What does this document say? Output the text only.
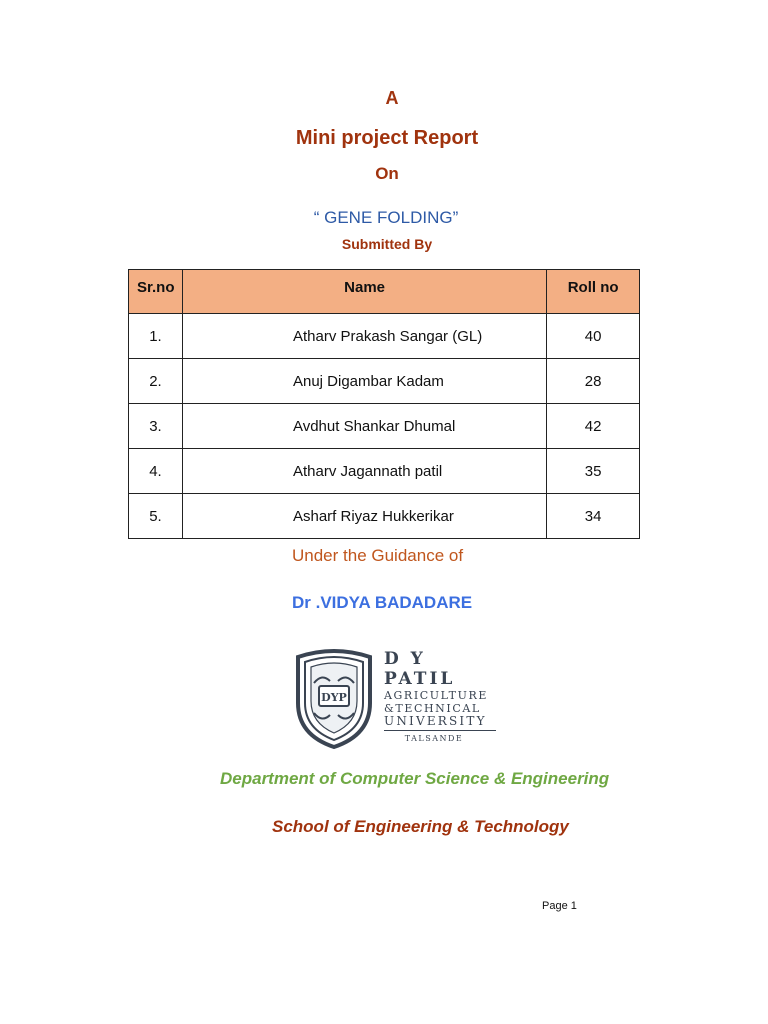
A
Mini project Report
On
“ GENE FOLDING”
Submitted By
Sr.no	Name	Roll no
1.	Atharv Prakash Sangar (GL)	40
2.	Anuj Digambar Kadam	28
3.	Avdhut Shankar Dhumal	42
4.	Atharv Jagannath patil	35
5.	Asharf Riyaz Hukkerikar	34
Under the Guidance of
Dr .VIDYA BADADARE
DYP
D Y PATIL
AGRICULTURE
&TECHNICAL
UNIVERSITY
TALSANDE
Department of Computer Science & Engineering
School of Engineering & Technology
Page 1
